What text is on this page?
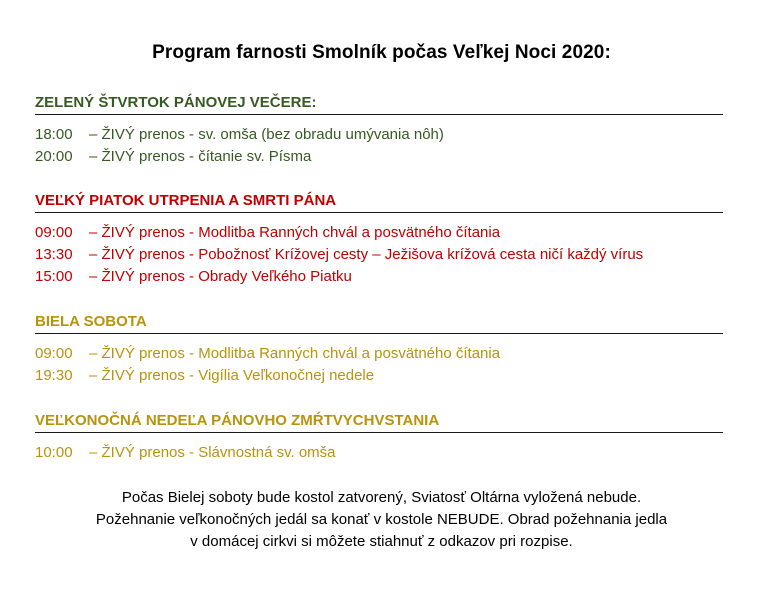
Program farnosti Smolník počas Veľkej Noci 2020:
ZELENÝ ŠTVRTOK PÁNOVEJ VEČERE:
18:00 – ŽIVÝ prenos - sv. omša (bez obradu umývania nôh)
20:00 – ŽIVÝ prenos - čítanie sv. Písma
VEĽKÝ PIATOK UTRPENIA A SMRTI PÁNA
09:00 – ŽIVÝ prenos - Modlitba Ranných chvál a posvätného čítania
13:30 – ŽIVÝ prenos - Pobožnosť Krížovej cesty – Ježišova krížová cesta ničí každý vírus
15:00 – ŽIVÝ prenos - Obrady Veľkého Piatku
BIELA SOBOTA
09:00 – ŽIVÝ prenos - Modlitba Ranných chvál a posvätného čítania
19:30 – ŽIVÝ prenos - Vigília Veľkonočnej nedele
VEĽKONOČNÁ NEDEĽA PÁNOVHO ZMŔTVYCHVSTANIA
10:00 – ŽIVÝ prenos - Slávnostná sv. omša
Počas Bielej soboty bude kostol zatvorený, Sviatosť Oltárna vyložená nebude.
Požehnanie veľkonočných jedál sa konať v kostole NEBUDE. Obrad požehnania jedla
v domácej cirkvi si môžete stiahnuť z odkazov pri rozpise.
